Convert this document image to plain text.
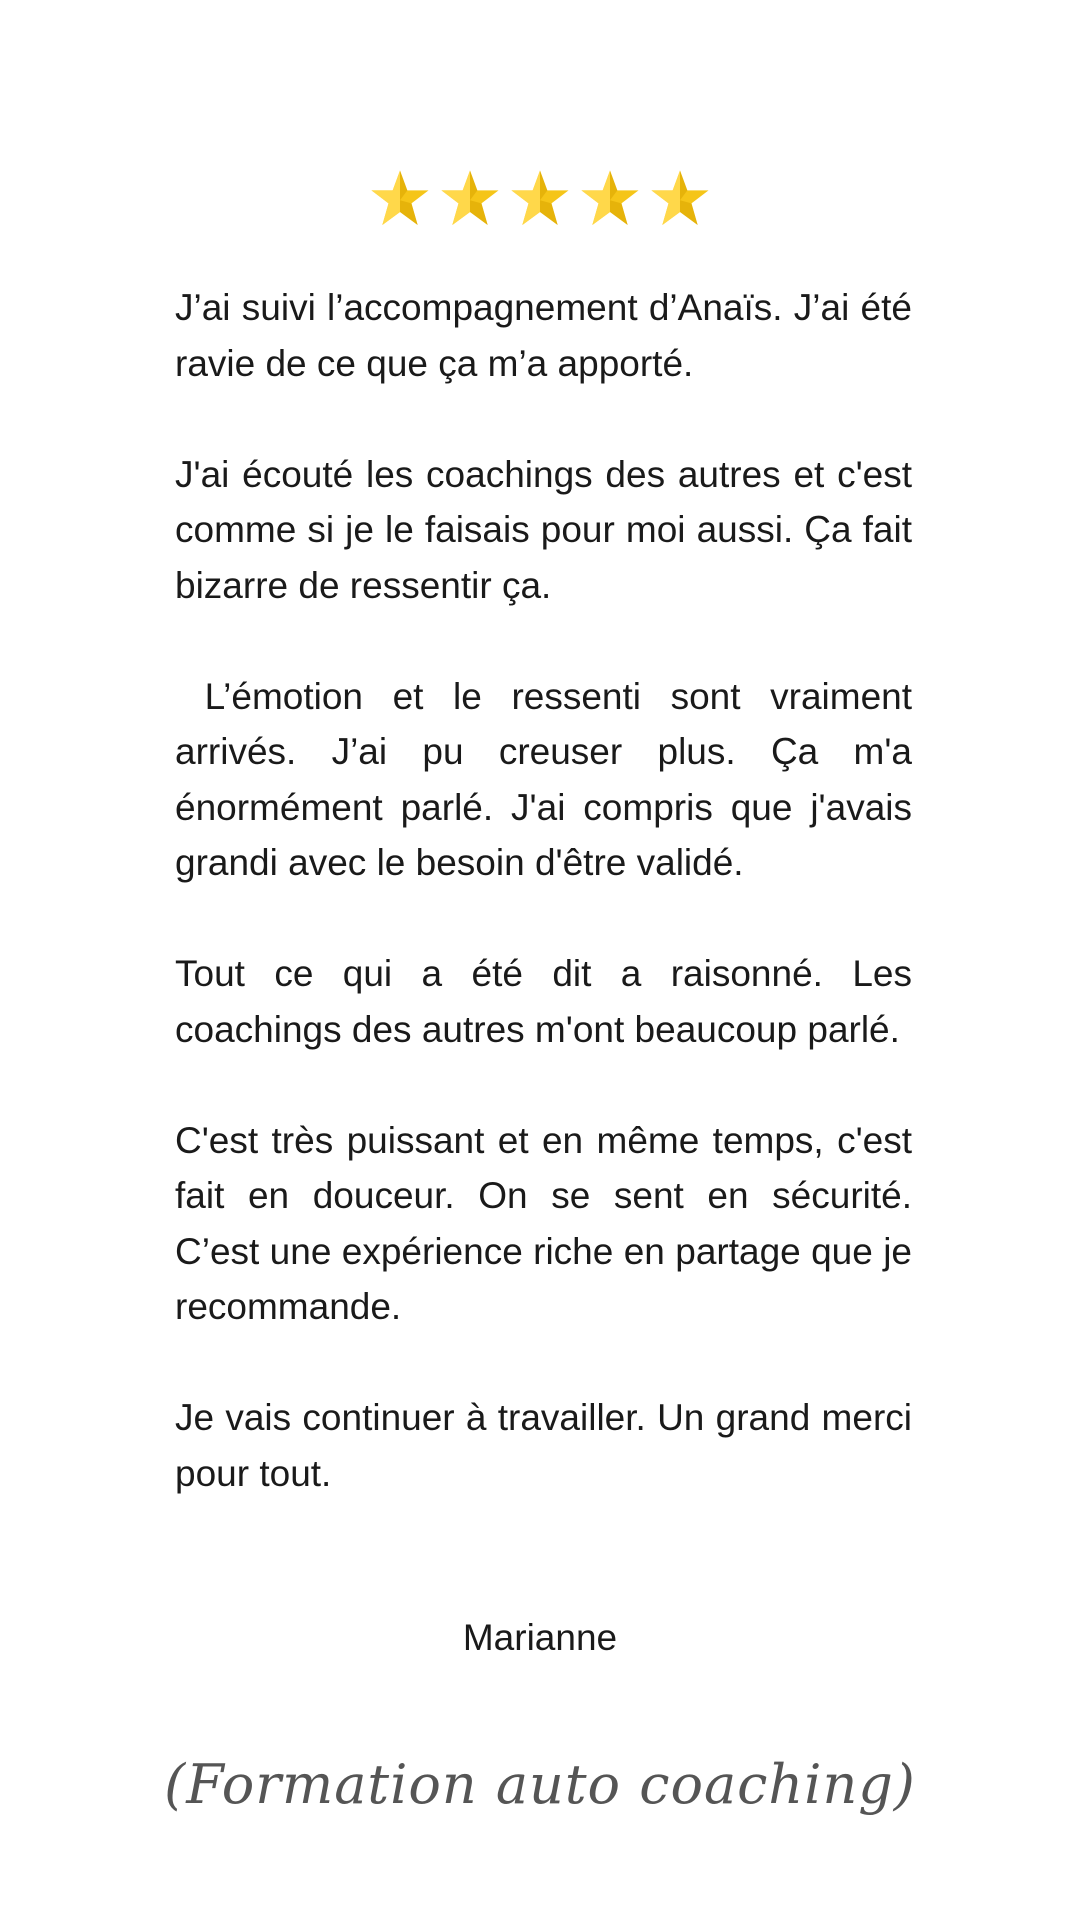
J’ai suivi l’accompagnement d’Anaïs. J’ai été ravie de ce que ça m’a apporté.

J'ai écouté les coachings des autres et c'est comme si je le faisais pour moi aussi. Ça fait bizarre de ressentir ça.

L’émotion et le ressenti sont vraiment arrivés. J’ai pu creuser plus. Ça m'a énormément parlé. J'ai compris que j'avais grandi avec le besoin d'être validé.

Tout ce qui a été dit a raisonné. Les coachings des autres m'ont beaucoup parlé.

C'est très puissant et en même temps, c'est fait en douceur. On se sent en sécurité. C’est une expérience riche en partage que je recommande.

Je vais continuer à travailler. Un grand merci pour tout.

Marianne
(Formation auto coaching)
